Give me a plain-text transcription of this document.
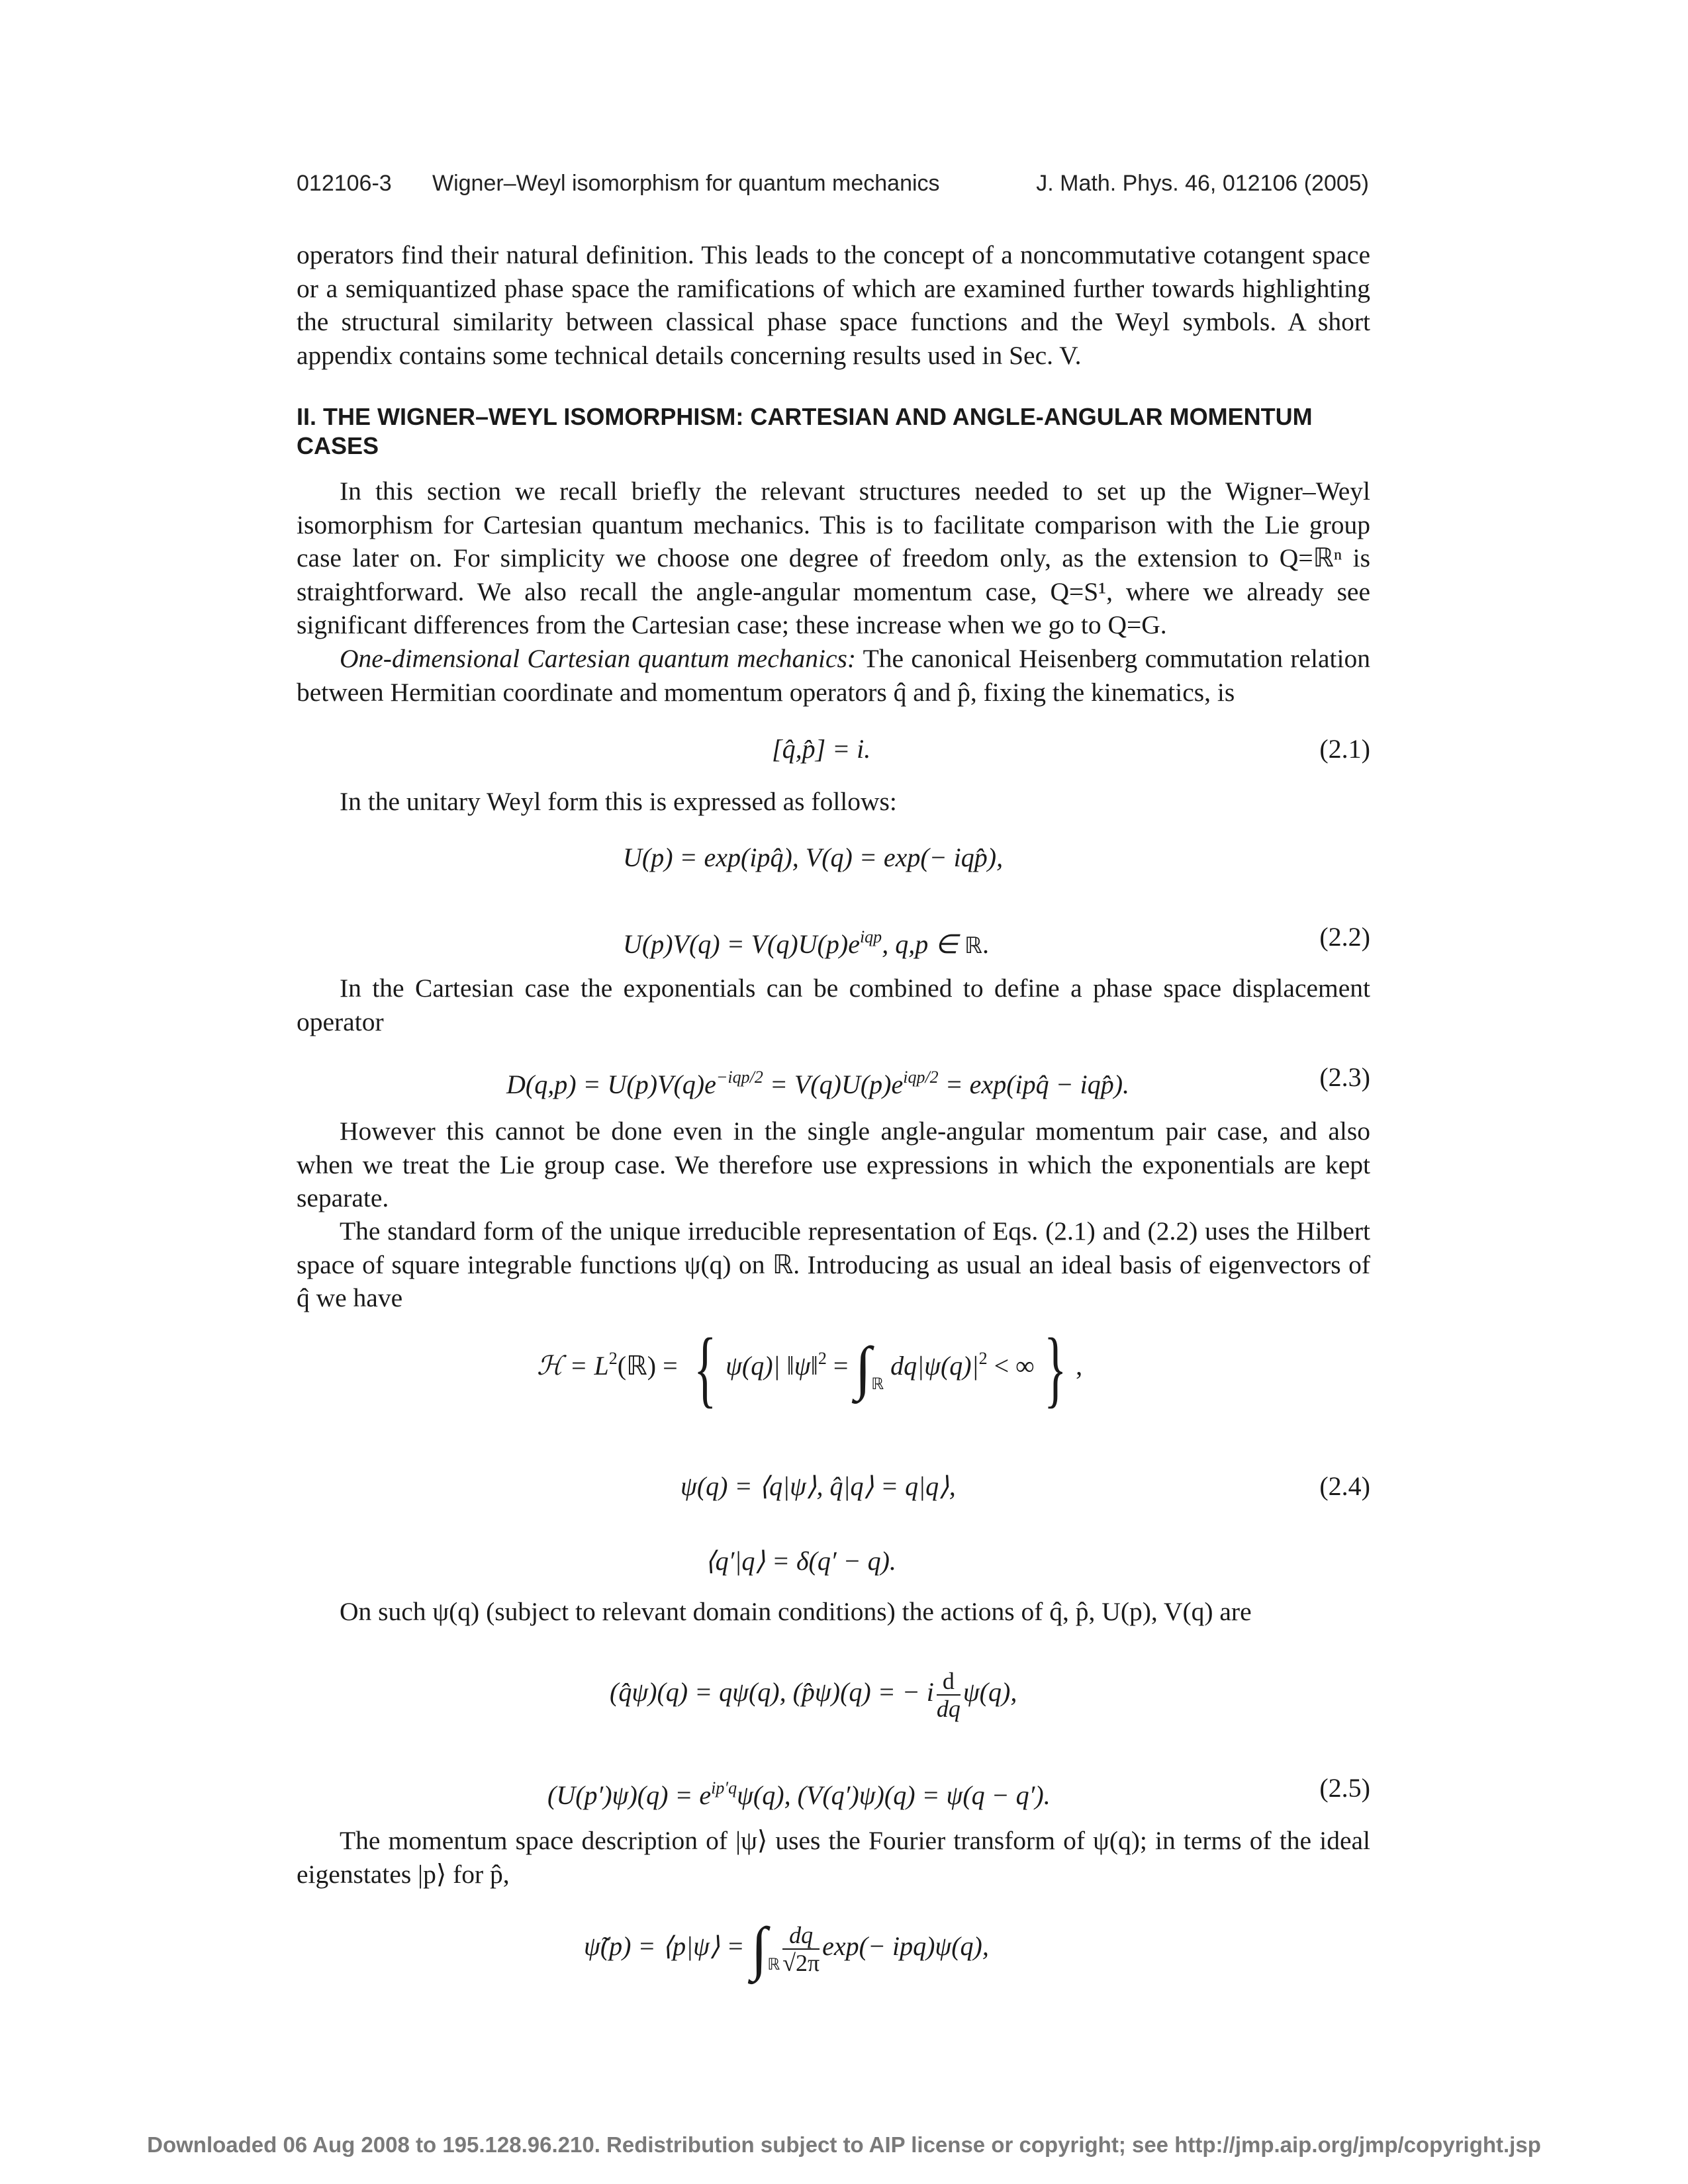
012106-3 Wigner–Weyl isomorphism for quantum mechanics	J. Math. Phys. 46, 012106 (2005)

operators find their natural definition. This leads to the concept of a noncommutative cotangent space or a semiquantized phase space the ramifications of which are examined further towards highlighting the structural similarity between classical phase space functions and the Weyl symbols. A short appendix contains some technical details concerning results used in Sec. V.

II. THE WIGNER–WEYL ISOMORPHISM: CARTESIAN AND ANGLE-ANGULAR MOMENTUM CASES

In this section we recall briefly the relevant structures needed to set up the Wigner–Weyl isomorphism for Cartesian quantum mechanics. This is to facilitate comparison with the Lie group case later on. For simplicity we choose one degree of freedom only, as the extension to Q=ℝⁿ is straightforward. We also recall the angle-angular momentum case, Q=S¹, where we already see significant differences from the Cartesian case; these increase when we go to Q=G.

One-dimensional Cartesian quantum mechanics: The canonical Heisenberg commutation relation between Hermitian coordinate and momentum operators q̂ and p̂, fixing the kinematics, is

[q̂,p̂] = i.	(2.1)

In the unitary Weyl form this is expressed as follows:

U(p) = exp(ipq̂), V(q) = exp(− iqp̂),
$U(p)V(q) = V(q)U(p)e^{iqp}$, q,p ∈ ℝ.	(2.2)

In the Cartesian case the exponentials can be combined to define a phase space displacement operator

$D(q,p) = U(p)V(q)e^{-iqp/2} = V(q)U(p)e^{iqp/2}$ = exp(ipq̂ − iqp̂).	(2.3)

However this cannot be done even in the single angle-angular momentum pair case, and also when we treat the Lie group case. We therefore use expressions in which the exponentials are kept separate.

The standard form of the unique irreducible representation of Eqs. (2.1) and (2.2) uses the Hilbert space of square integrable functions ψ(q) on ℝ. Introducing as usual an ideal basis of eigenvectors of q̂ we have

ℋ = $L^2(ℝ)$ = { ψ(q)| ‖ψ‖$^2$ = $\int_ℝ$ $dq|\psi(q)|^2$ < ∞ } ,
ψ(q) = ⟨q|ψ⟩, q̂|q⟩ = q|q⟩,	(2.4)
⟨q′|q⟩ = δ(q′ − q).

On such ψ(q) (subject to relevant domain conditions) the actions of q̂, p̂, U(p), V(q) are

(q̂ψ)(q) = qψ(q), (p̂ψ)(q) = − i $\frac{d}{dq} \psi(q)$,
$(U(p')\psi)(q) = e^{ip'q}\psi(q)$, (V(q′)ψ)(q) = ψ(q − q′).	(2.5)

The momentum space description of |ψ⟩ uses the Fourier transform of ψ(q); in terms of the ideal eigenstates |p⟩ for p̂,

ψ̃(p) = ⟨p|ψ⟩ = $\int_ℝ \frac{dq}{√2\pi} \exp(- ipq)\psi(q)$,
Downloaded 06 Aug 2008 to 195.128.96.210. Redistribution subject to AIP license or copyright; see http://jmp.aip.org/jmp/copyright.jsp
